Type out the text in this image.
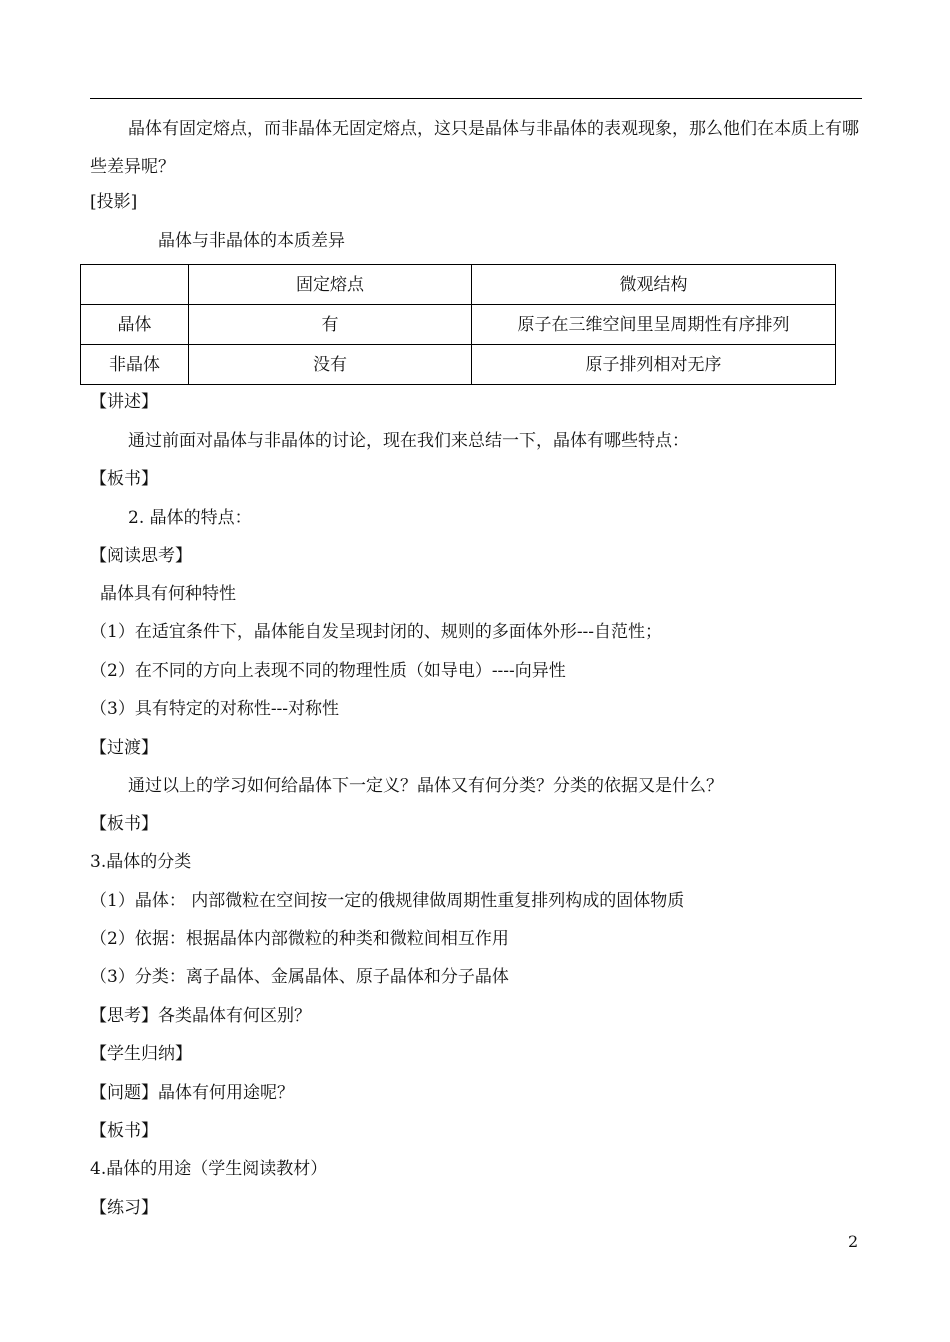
晶体有固定熔点，而非晶体无固定熔点，这只是晶体与非晶体的表观现象，那么他们在本质上有哪些差异呢？
[投影]
晶体与非晶体的本质差异
	固定熔点	微观结构
晶体	有	原子在三维空间里呈周期性有序排列
非晶体	没有	原子排列相对无序
【讲述】
通过前面对晶体与非晶体的讨论，现在我们来总结一下，晶体有哪些特点：
【板书】
2. 晶体的特点：
【阅读思考】
晶体具有何种特性
（1）在适宜条件下，晶体能自发呈现封闭的、规则的多面体外形---自范性；
（2）在不同的方向上表现不同的物理性质（如导电）----向异性
（3）具有特定的对称性---对称性
【过渡】
通过以上的学习如何给晶体下一定义？晶体又有何分类？分类的依据又是什么？
【板书】
3.晶体的分类
（1）晶体： 内部微粒在空间按一定的俄规律做周期性重复排列构成的固体物质
（2）依据：根据晶体内部微粒的种类和微粒间相互作用
（3）分类：离子晶体、金属晶体、原子晶体和分子晶体
【思考】各类晶体有何区别？
【学生归纳】
【问题】晶体有何用途呢？
【板书】
4.晶体的用途（学生阅读教材）
【练习】
2
